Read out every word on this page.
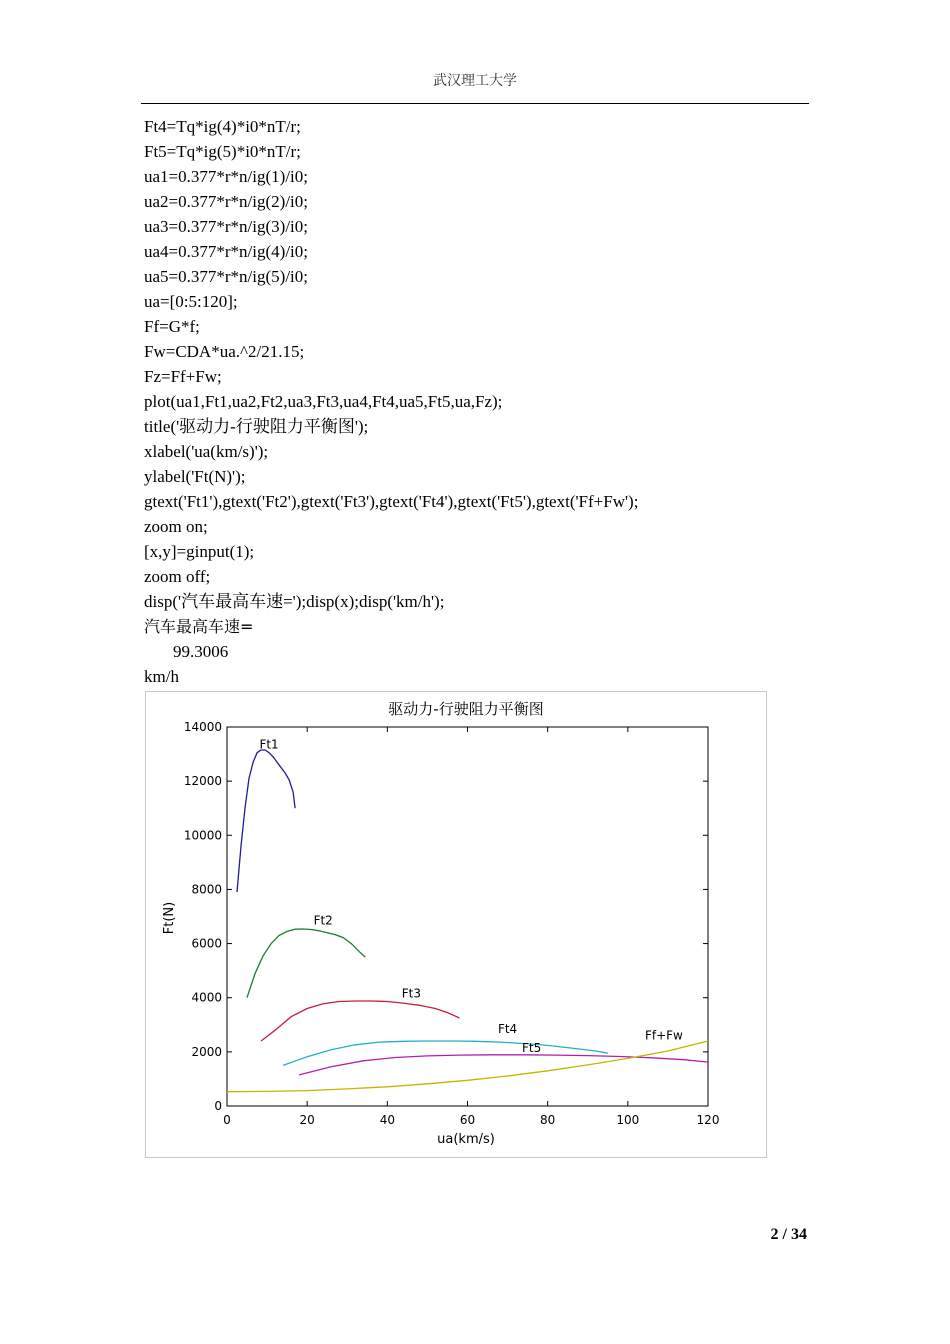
武汉理工大学
Ft4=Tq*ig(4)*i0*nT/r;
Ft5=Tq*ig(5)*i0*nT/r;
ua1=0.377*r*n/ig(1)/i0;
ua2=0.377*r*n/ig(2)/i0;
ua3=0.377*r*n/ig(3)/i0;
ua4=0.377*r*n/ig(4)/i0;
ua5=0.377*r*n/ig(5)/i0;
ua=[0:5:120];
Ff=G*f;
Fw=CDA*ua.^2/21.15;
Fz=Ff+Fw;
plot(ua1,Ft1,ua2,Ft2,ua3,Ft3,ua4,Ft4,ua5,Ft5,ua,Fz);
title('驱动力-行驶阻力平衡图');
xlabel('ua(km/s)');
ylabel('Ft(N)');
gtext('Ft1'),gtext('Ft2'),gtext('Ft3'),gtext('Ft4'),gtext('Ft5'),gtext('Ff+Fw');
zoom on;
[x,y]=ginput(1);
zoom off;
disp('汽车最高车速=');disp(x);disp('km/h');
汽车最高车速=
99.3006
km/h
驱动力-行驶阻力平衡图
ua(km/s)
Ft(N)
0	20	40	60	80	100	120
0
2000
4000
6000
8000
10000
12000
14000
Ft1
Ft2
Ft3
Ft4
Ft5
Ff+Fw
2 / 34
